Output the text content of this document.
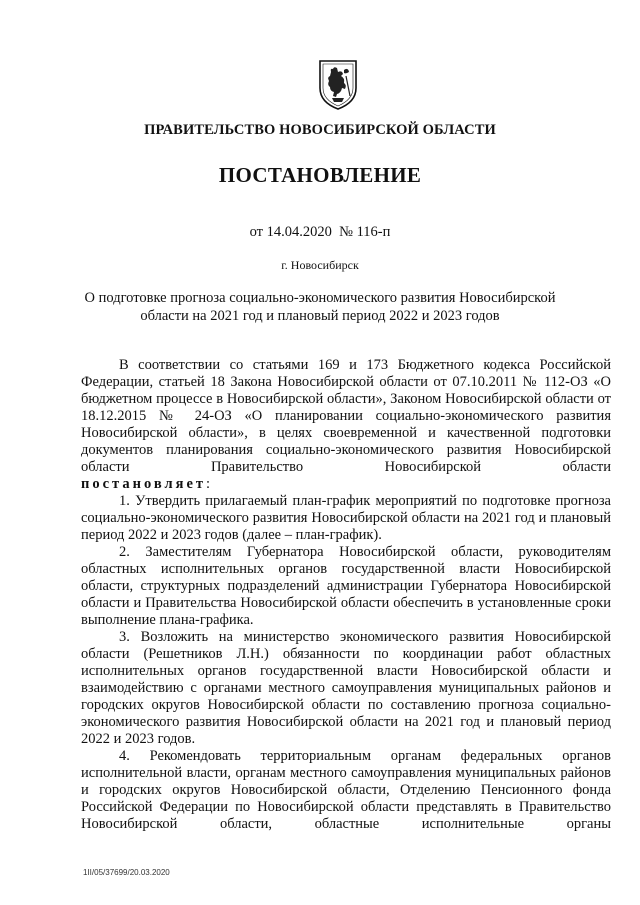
ПРАВИТЕЛЬСТВО НОВОСИБИРСКОЙ ОБЛАСТИ
ПОСТАНОВЛЕНИЕ
от 14.04.2020  № 116-п
г. Новосибирск
О подготовке прогноза социально-экономического развития Новосибирской области на 2021 год и плановый период 2022 и 2023 годов

В соответствии со статьями 169 и 173 Бюджетного кодекса Российской Федерации, статьей 18 Закона Новосибирской области от 07.10.2011 № 112-ОЗ «О бюджетном процессе в Новосибирской области», Законом Новосибирской области от 18.12.2015 № 24-ОЗ «О планировании социально-экономического развития Новосибирской области», в целях своевременной и качественной подготовки документов планирования социально-экономического развития Новосибирской области Правительство Новосибирской области

постановляет:

1. Утвердить прилагаемый план-график мероприятий по подготовке прогноза социально-экономического развития Новосибирской области на 2021 год и плановый период 2022 и 2023 годов (далее – план-график).

2. Заместителям Губернатора Новосибирской области, руководителям областных исполнительных органов государственной власти Новосибирской области, структурных подразделений администрации Губернатора Новосибирской области и Правительства Новосибирской области обеспечить в установленные сроки выполнение плана-графика.

3. Возложить на министерство экономического развития Новосибирской области (Решетников Л.Н.) обязанности по координации работ областных исполнительных органов государственной власти Новосибирской области и взаимодействию с органами местного самоуправления муниципальных районов и городских округов Новосибирской области по составлению прогноза социально-экономического развития Новосибирской области на 2021 год и плановый период 2022 и 2023 годов.

4. Рекомендовать территориальным органам федеральных органов исполнительной власти, органам местного самоуправления муниципальных районов и городских округов Новосибирской области, Отделению Пенсионного фонда Российской Федерации по Новосибирской области представлять в Правительство Новосибирской области, областные исполнительные органы

1II/05/37699/20.03.2020
